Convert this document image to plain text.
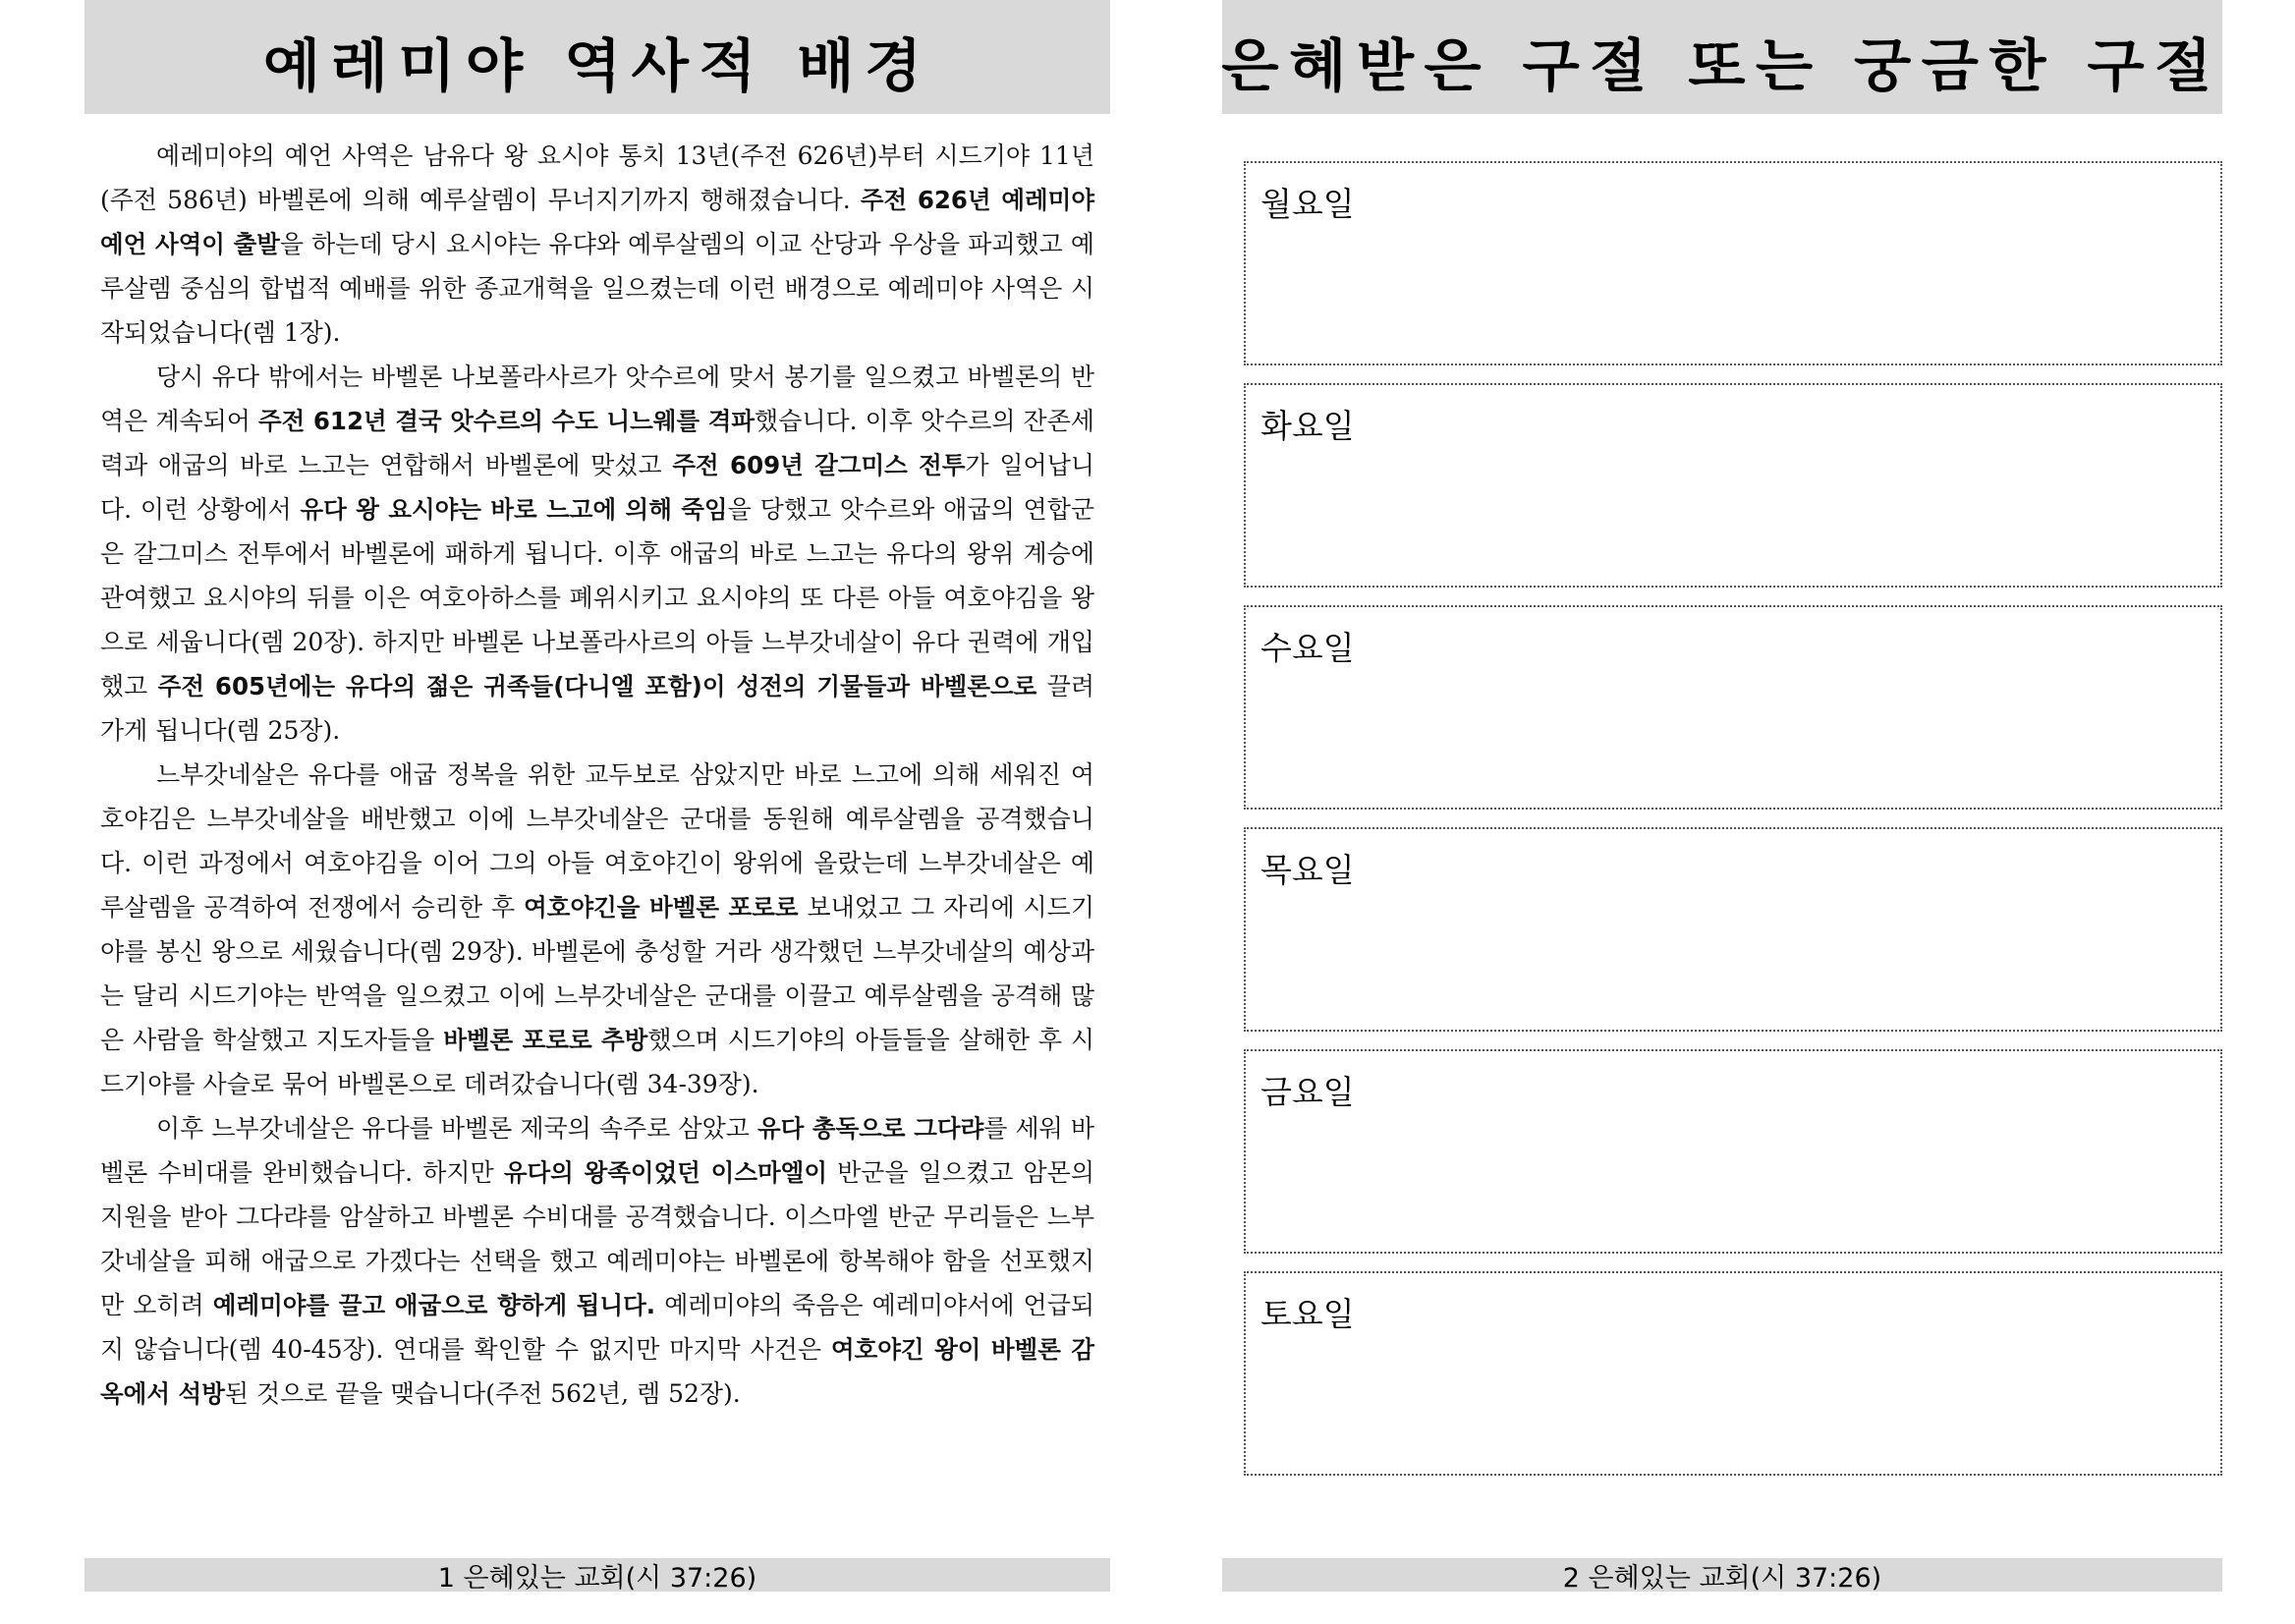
예레미야 역사적 배경

예레미야의 예언 사역은 남유다 왕 요시야 통치 13년(주전 626년)부터 시드기야 11년(주전 586년) 바벨론에 의해 예루살렘이 무너지기까지 행해졌습니다. 주전 626년 예레미야 예언 사역이 출발을 하는데 당시 요시야는 유댜와 예루살렘의 이교 산당과 우상을 파괴했고 예루살렘 중심의 합법적 예배를 위한 종교개혁을 일으켰는데 이런 배경으로 예레미야 사역은 시작되었습니다(렘 1장).

당시 유다 밖에서는 바벨론 나보폴라사르가 앗수르에 맞서 봉기를 일으켰고 바벨론의 반역은 계속되어 주전 612년 결국 앗수르의 수도 니느웨를 격파했습니다. 이후 앗수르의 잔존세력과 애굽의 바로 느고는 연합해서 바벨론에 맞섰고 주전 609년 갈그미스 전투가 일어납니다. 이런 상황에서 유다 왕 요시야는 바로 느고에 의해 죽임을 당했고 앗수르와 애굽의 연합군은 갈그미스 전투에서 바벨론에 패하게 됩니다. 이후 애굽의 바로 느고는 유다의 왕위 계승에 관여했고 요시야의 뒤를 이은 여호아하스를 폐위시키고 요시야의 또 다른 아들 여호야김을 왕으로 세웁니다(렘 20장). 하지만 바벨론 나보폴라사르의 아들 느부갓네살이 유다 권력에 개입했고 주전 605년에는 유다의 젊은 귀족들(다니엘 포함)이 성전의 기물들과 바벨론으로 끌려가게 됩니다(렘 25장).

느부갓네살은 유다를 애굽 정복을 위한 교두보로 삼았지만 바로 느고에 의해 세워진 여호야김은 느부갓네살을 배반했고 이에 느부갓네살은 군대를 동원해 예루살렘을 공격했습니다. 이런 과정에서 여호야김을 이어 그의 아들 여호야긴이 왕위에 올랐는데 느부갓네살은 예루살렘을 공격하여 전쟁에서 승리한 후 여호야긴을 바벨론 포로로 보내었고 그 자리에 시드기야를 봉신 왕으로 세웠습니다(렘 29장). 바벨론에 충성할 거라 생각했던 느부갓네살의 예상과는 달리 시드기야는 반역을 일으켰고 이에 느부갓네살은 군대를 이끌고 예루살렘을 공격해 많은 사람을 학살했고 지도자들을 바벨론 포로로 추방했으며 시드기야의 아들들을 살해한 후 시드기야를 사슬로 묶어 바벨론으로 데려갔습니다(렘 34-39장).

이후 느부갓네살은 유다를 바벨론 제국의 속주로 삼았고 유다 총독으로 그다랴를 세워 바벨론 수비대를 완비했습니다. 하지만 유다의 왕족이었던 이스마엘이 반군을 일으켰고 암몬의 지원을 받아 그다랴를 암살하고 바벨론 수비대를 공격했습니다. 이스마엘 반군 무리들은 느부갓네살을 피해 애굽으로 가겠다는 선택을 했고 예레미야는 바벨론에 항복해야 함을 선포했지만 오히려 예레미야를 끌고 애굽으로 향하게 됩니다. 예레미야의 죽음은 예레미야서에 언급되지 않습니다(렘 40-45장). 연대를 확인할 수 없지만 마지막 사건은 여호야긴 왕이 바벨론 감옥에서 석방된 것으로 끝을 맺습니다(주전 562년, 렘 52장).

1 은혜있는 교회(시 37:26)
은혜받은 구절 또는 궁금한 구절
월요일
화요일
수요일
목요일
금요일
토요일
2 은혜있는 교회(시 37:26)
